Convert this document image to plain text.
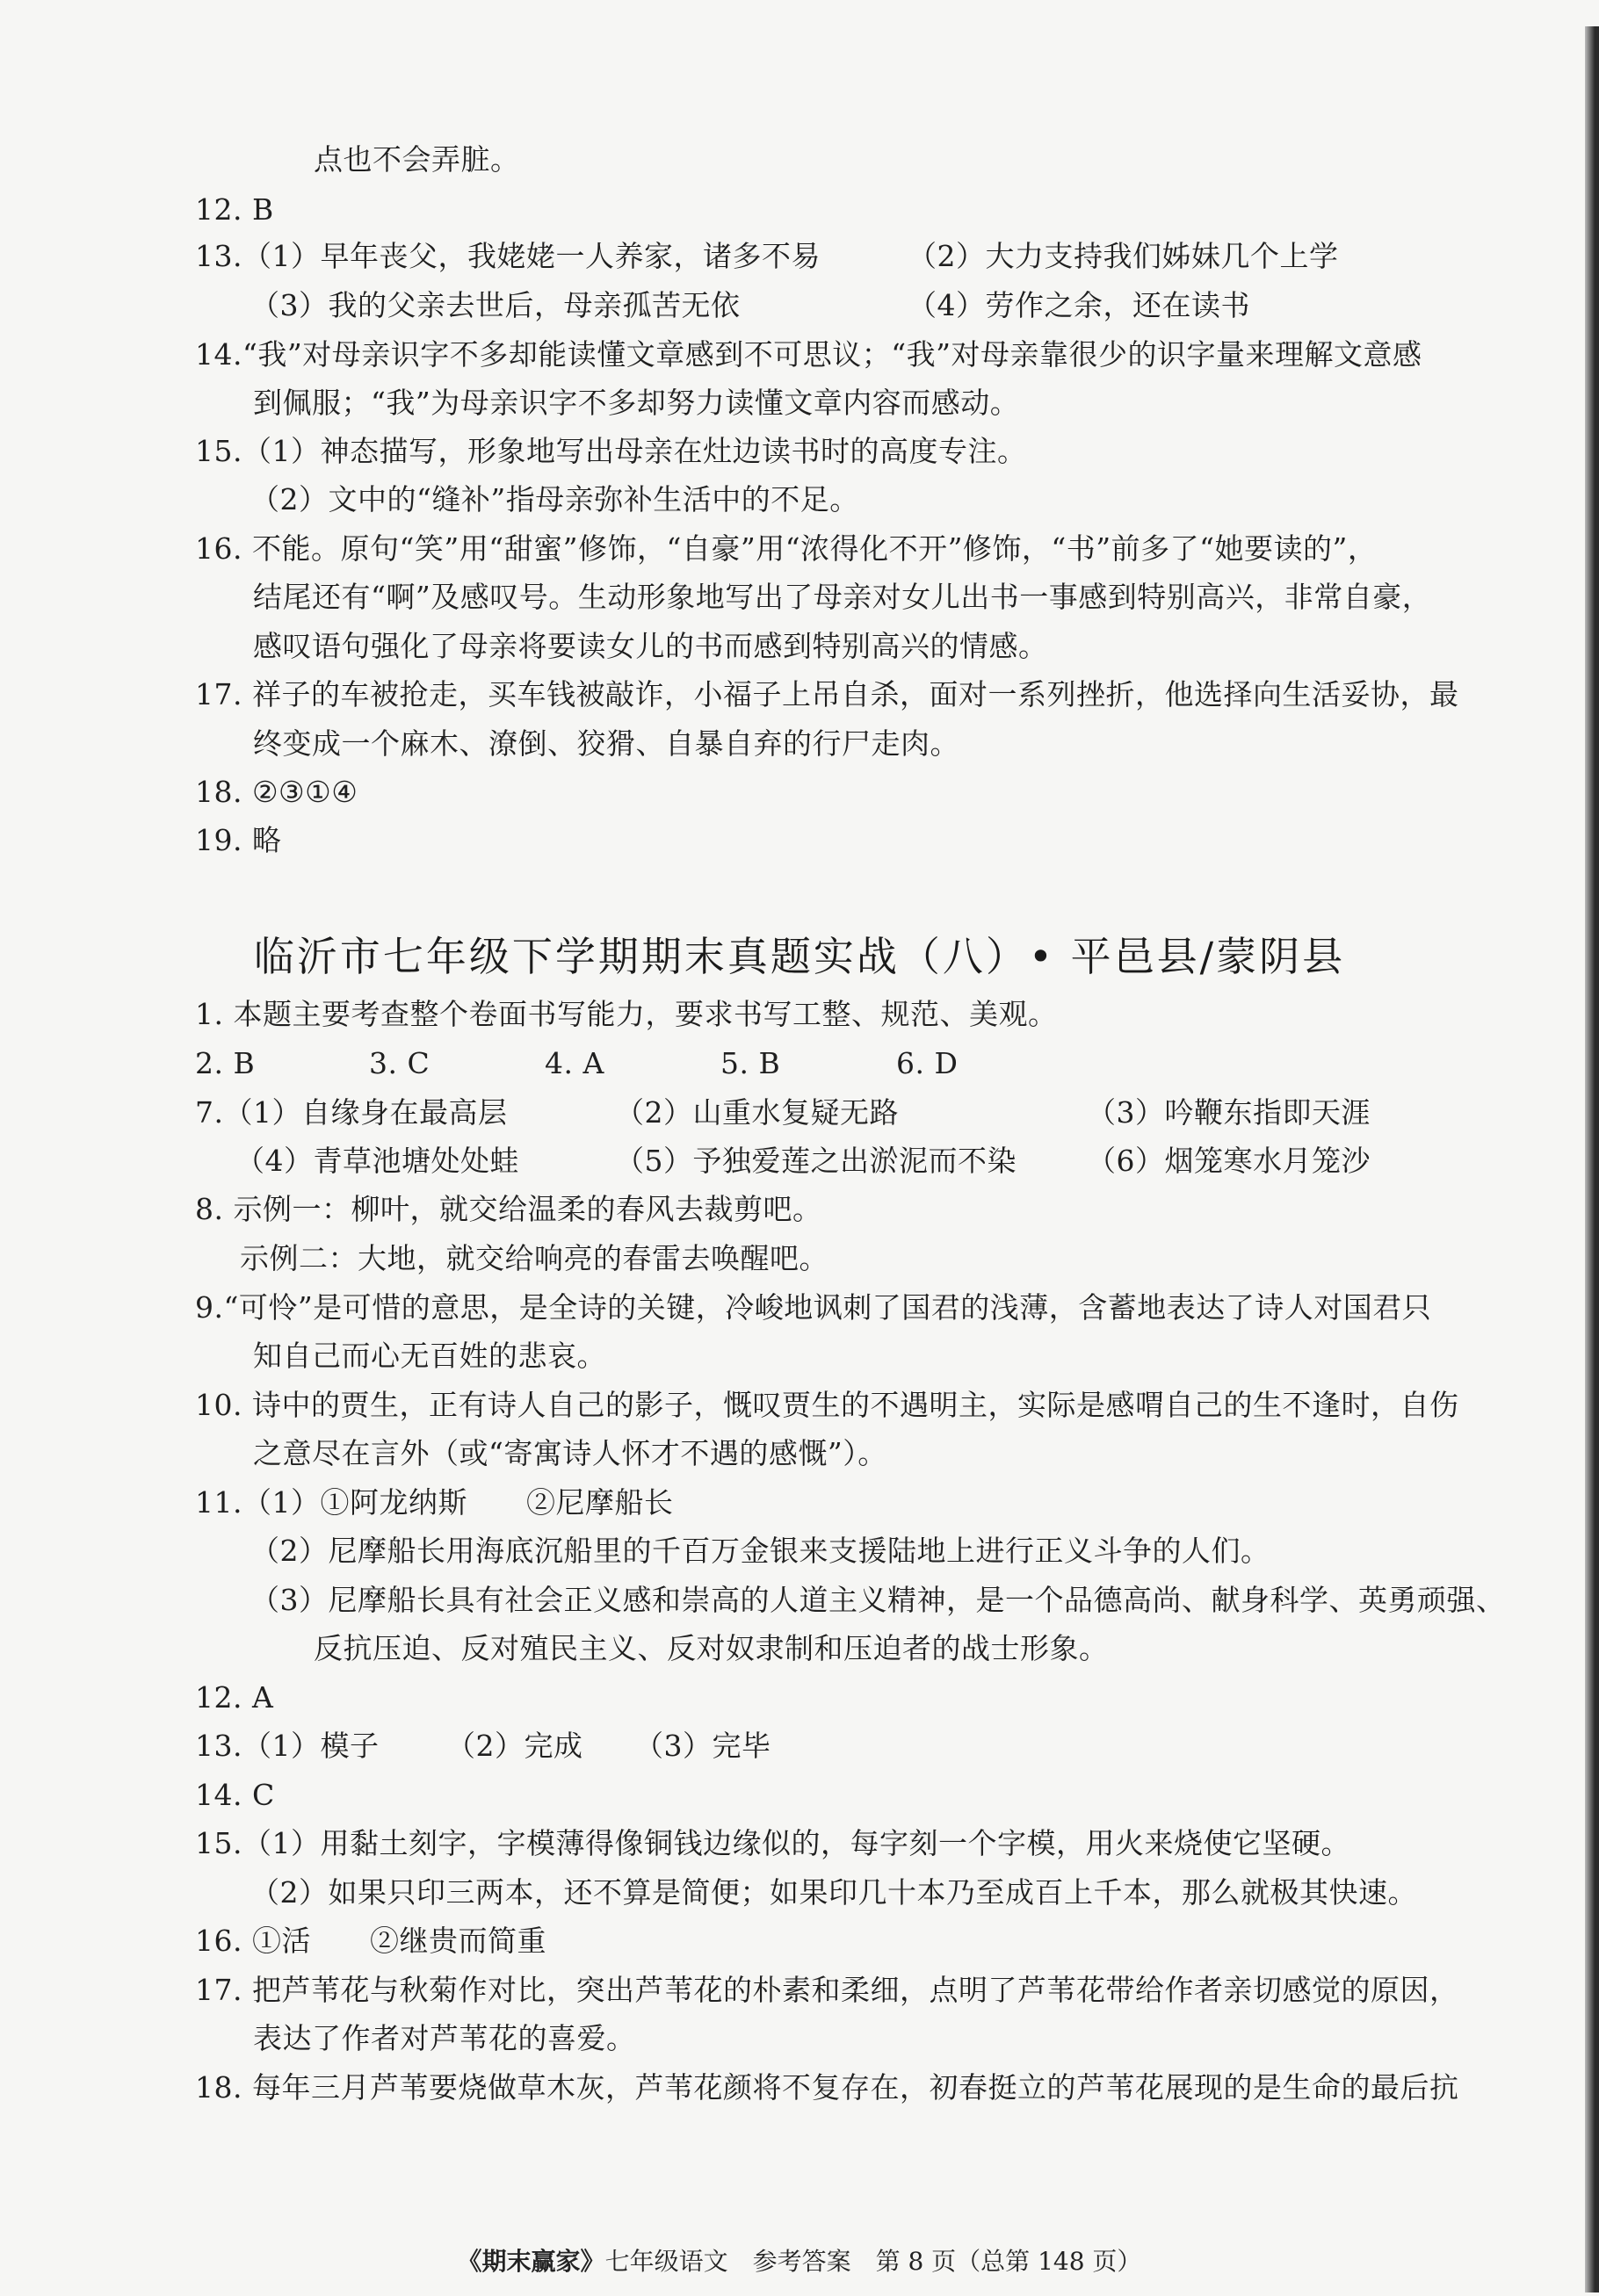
点也不会弄脏。
12. B
13.（1）早年丧父，我姥姥一人养家，诸多不易	（2）大力支持我们姊妹几个上学
（3）我的父亲去世后，母亲孤苦无依	（4）劳作之余，还在读书
14.“我”对母亲识字不多却能读懂文章感到不可思议；“我”对母亲靠很少的识字量来理解文意感
到佩服；“我”为母亲识字不多却努力读懂文章内容而感动。
15.（1）神态描写，形象地写出母亲在灶边读书时的高度专注。
（2）文中的“缝补”指母亲弥补生活中的不足。
16. 不能。原句“笑”用“甜蜜”修饰，“自豪”用“浓得化不开”修饰，“书”前多了“她要读的”，
结尾还有“啊”及感叹号。生动形象地写出了母亲对女儿出书一事感到特别高兴，非常自豪，
感叹语句强化了母亲将要读女儿的书而感到特别高兴的情感。
17. 祥子的车被抢走，买车钱被敲诈，小福子上吊自杀，面对一系列挫折，他选择向生活妥协，最
终变成一个麻木、潦倒、狡猾、自暴自弃的行尸走肉。
18. ②③①④
19. 略
临沂市七年级下学期期末真题实战（八）• 平邑县/蒙阴县
1. 本题主要考查整个卷面书写能力，要求书写工整、规范、美观。
2. B	3. C	4. A	5. B	6. D
7.（1）自缘身在最高层	（2）山重水复疑无路	（3）吟鞭东指即天涯
（4）青草池塘处处蛙	（5）予独爱莲之出淤泥而不染 （6）烟笼寒水月笼沙
8. 示例一：柳叶，就交给温柔的春风去裁剪吧。
示例二：大地，就交给响亮的春雷去唤醒吧。
9.“可怜”是可惜的意思，是全诗的关键，冷峻地讽刺了国君的浅薄，含蓄地表达了诗人对国君只
知自己而心无百姓的悲哀。
10. 诗中的贾生，正有诗人自己的影子，慨叹贾生的不遇明主，实际是感喟自己的生不逢时，自伤
之意尽在言外（或“寄寓诗人怀才不遇的感慨”）。
11.（1）①阿龙纳斯　　②尼摩船长
（2）尼摩船长用海底沉船里的千百万金银来支援陆地上进行正义斗争的人们。
（3）尼摩船长具有社会正义感和崇高的人道主义精神，是一个品德高尚、献身科学、英勇顽强、
反抗压迫、反对殖民主义、反对奴隶制和压迫者的战士形象。
12. A
13.（1）模子 （2）完成 （3）完毕
14. C
15.（1）用黏土刻字，字模薄得像铜钱边缘似的，每字刻一个字模，用火来烧使它坚硬。
（2）如果只印三两本，还不算是简便；如果印几十本乃至成百上千本，那么就极其快速。
16. ①活　　②继贵而简重
17. 把芦苇花与秋菊作对比，突出芦苇花的朴素和柔细，点明了芦苇花带给作者亲切感觉的原因，
表达了作者对芦苇花的喜爱。
18. 每年三月芦苇要烧做草木灰，芦苇花颜将不复存在，初春挺立的芦苇花展现的是生命的最后抗
《期末赢家》七年级语文　参考答案　第 8 页（总第 148 页）
